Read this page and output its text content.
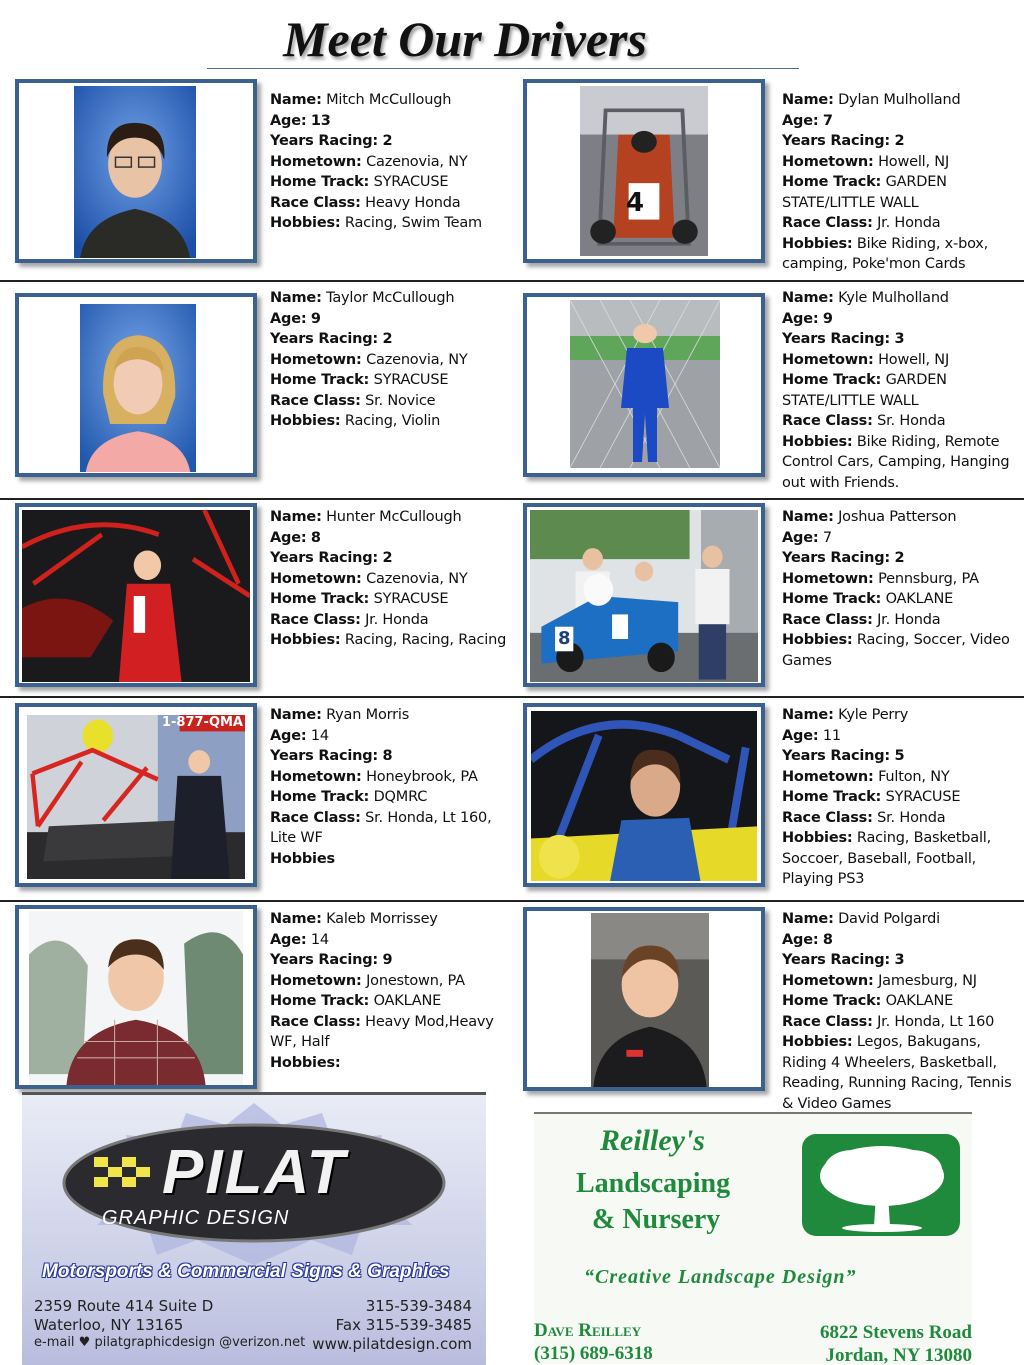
Meet Our Drivers
Name: Mitch McCullough
Age: 13
Years Racing: 2
Hometown: Cazenovia, NY
Home Track: SYRACUSE
Race Class: Heavy Honda
Hobbies: Racing, Swim Team
4
Name: Dylan Mulholland
Age: 7
Years Racing: 2
Hometown: Howell, NJ
Home Track: GARDEN STATE/LITTLE WALL
Race Class: Jr. Honda
Hobbies: Bike Riding, x-box, camping, Poke'mon Cards
Name: Taylor McCullough
Age: 9
Years Racing: 2
Hometown: Cazenovia, NY
Home Track: SYRACUSE
Race Class: Sr. Novice
Hobbies: Racing, Violin
Name: Kyle Mulholland
Age: 9
Years Racing: 3
Hometown: Howell, NJ
Home Track: GARDEN STATE/LITTLE WALL
Race Class: Sr. Honda
Hobbies: Bike Riding, Remote Control Cars, Camping, Hanging out with Friends.
Name: Hunter McCullough
Age: 8
Years Racing: 2
Hometown: Cazenovia, NY
Home Track: SYRACUSE
Race Class: Jr. Honda
Hobbies: Racing, Racing, Racing	8
Name: Joshua Patterson
Age: 7
Years Racing: 2
Hometown: Pennsburg, PA
Home Track: OAKLANE
Race Class: Jr. Honda
Hobbies: Racing, Soccer, Video Games
1-877-QMA Name: Ryan Morris
Age: 14
Years Racing: 8
Hometown: Honeybrook, PA
Home Track: DQMRC
Race Class: Sr. Honda, Lt 160, Lite WF
Hobbies
Name: Kyle Perry
Age: 11
Years Racing: 5
Hometown: Fulton, NY
Home Track: SYRACUSE
Race Class: Sr. Honda
Hobbies: Racing, Basketball, Soccoer, Baseball, Football, Playing PS3
Name: Kaleb Morrissey
Age: 14
Years Racing: 9
Hometown: Jonestown, PA
Home Track: OAKLANE
Race Class: Heavy Mod,Heavy WF, Half
Hobbies:
Name: David Polgardi
Age: 8
Years Racing: 3
Hometown: Jamesburg, NJ
Home Track: OAKLANE
Race Class: Jr. Honda, Lt 160
Hobbies: Legos, Bakugans, Riding 4 Wheelers, Basketball, Reading, Running Racing, Tennis & Video Games
PILAT
GRAPHIC DESIGN
Motorsports & Commercial Signs & Graphics
2359 Route 414 Suite D
Waterloo, NY 13165
e-mail ♥ pilatgraphicdesign @verizon.net
315-539-3484
Fax 315-539-3485
www.pilatdesign.com
Reilley's
Landscaping
& Nursery
“Creative Landscape Design”
Dave Reilley
(315) 689-6318
6822 Stevens Road
Jordan, NY 13080
